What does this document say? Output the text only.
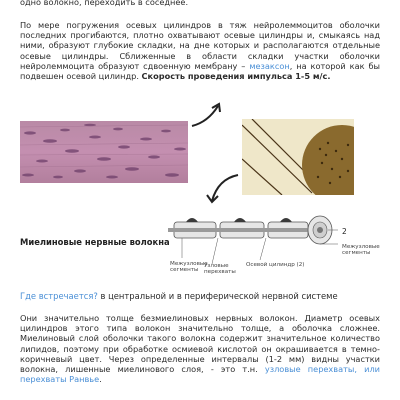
одно волокно, переходить в соседнее.

По мере погружения осевых цилиндров в тяж нейролеммоцитов оболочки последних прогибаются, плотно охватывают осевые цилиндры и, смыкаясь над ними, образуют глубокие складки, на дне которых и располагаются отдельные осевые цилиндры. Сближенные в области складки участки оболочки нейролеммоцита образуют сдвоенную мембрану – мезаксон, на которой как бы подвешен осевой цилиндр. Скорость проведения импульса 1-5 м/с.

Миелиновые нервные волокна
2
Межузловые
сегменты
Узловые
перехваты
Осевой цилиндр (2)
Межузловые
сегменты

Где встречается? в центральной и в периферической нервной системе

Они значительно толще безмиелиновых нервных волокон. Диаметр осевых цилиндров этого типа волокон значительно толще, а оболочка сложнее. Миелиновый слой оболочки такого волокна содержит значительное количество липидов, поэтому при обработке осмиевой кислотой он окрашивается в темно-коричневый цвет. Через определенные интервалы (1-2 мм) видны участки волокна, лишенные миелинового слоя, - это т.н. узловые перехваты, или перехваты Ранвье.
